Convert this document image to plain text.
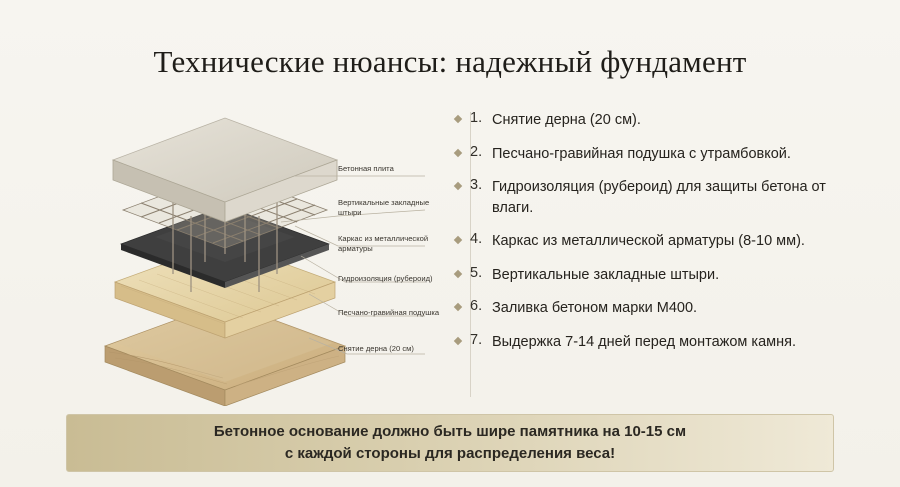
Технические нюансы: надежный фундамент
Бетонная плита
Вертикальные закладные штыри
Каркас из металлической арматуры
Гидроизоляция (рубероид)
Песчано-гравийная подушка
Снятие дерна (20 см)
1. Снятие дерна (20 см).
2. Песчано-гравийная подушка с утрамбовкой.
3. Гидроизоляция (рубероид) для защиты бетона от влаги.
4. Каркас из металлической арматуры (8-10 мм).
5. Вертикальные закладные штыри.
6. Заливка бетоном марки М400.
7. Выдержка 7-14 дней перед монтажом камня.
Бетонное основание должно быть шире памятника на 10-15 см
с каждой стороны для распределения веса!
